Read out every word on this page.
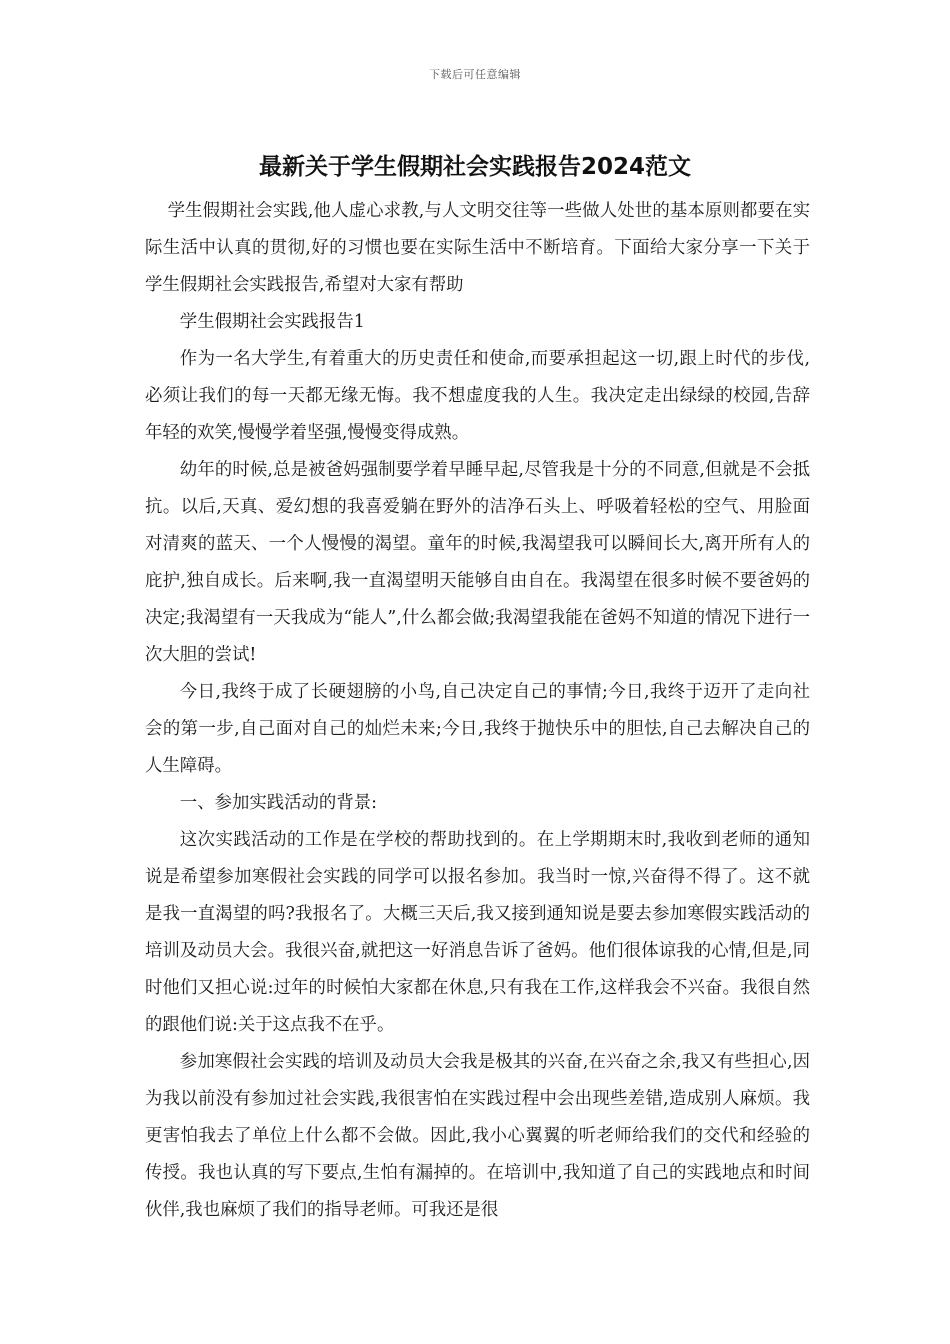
下载后可任意编辑
最新关于学生假期社会实践报告2024范文

学生假期社会实践,他人虚心求教,与人文明交往等一些做人处世的基本原则都要在实际生活中认真的贯彻,好的习惯也要在实际生活中不断培育。下面给大家分享一下关于学生假期社会实践报告,希望对大家有帮助

学生假期社会实践报告1

作为一名大学生,有着重大的历史责任和使命,而要承担起这一切,跟上时代的步伐,必须让我们的每一天都无缘无悔。我不想虚度我的人生。我决定走出绿绿的校园,告辞年轻的欢笑,慢慢学着坚强,慢慢变得成熟。

幼年的时候,总是被爸妈强制要学着早睡早起,尽管我是十分的不同意,但就是不会抵抗。以后,天真、爱幻想的我喜爱躺在野外的洁净石头上、呼吸着轻松的空气、用脸面对清爽的蓝天、一个人慢慢的渴望。童年的时候,我渴望我可以瞬间长大,离开所有人的庇护,独自成长。后来啊,我一直渴望明天能够自由自在。我渴望在很多时候不要爸妈的决定;我渴望有一天我成为“能人”,什么都会做;我渴望我能在爸妈不知道的情况下进行一次大胆的尝试!

今日,我终于成了长硬翅膀的小鸟,自己决定自己的事情;今日,我终于迈开了走向社会的第一步,自己面对自己的灿烂未来;今日,我终于抛快乐中的胆怯,自己去解决自己的人生障碍。

一、参加实践活动的背景:

这次实践活动的工作是在学校的帮助找到的。在上学期期末时,我收到老师的通知说是希望参加寒假社会实践的同学可以报名参加。我当时一惊,兴奋得不得了。这不就是我一直渴望的吗?我报名了。大概三天后,我又接到通知说是要去参加寒假实践活动的培训及动员大会。我很兴奋,就把这一好消息告诉了爸妈。他们很体谅我的心情,但是,同时他们又担心说:过年的时候怕大家都在休息,只有我在工作,这样我会不兴奋。我很自然的跟他们说:关于这点我不在乎。

参加寒假社会实践的培训及动员大会我是极其的兴奋,在兴奋之余,我又有些担心,因为我以前没有参加过社会实践,我很害怕在实践过程中会出现些差错,造成别人麻烦。我更害怕我去了单位上什么都不会做。因此,我小心翼翼的听老师给我们的交代和经验的传授。我也认真的写下要点,生怕有漏掉的。在培训中,我知道了自己的实践地点和时间伙伴,我也麻烦了我们的指导老师。可我还是很
